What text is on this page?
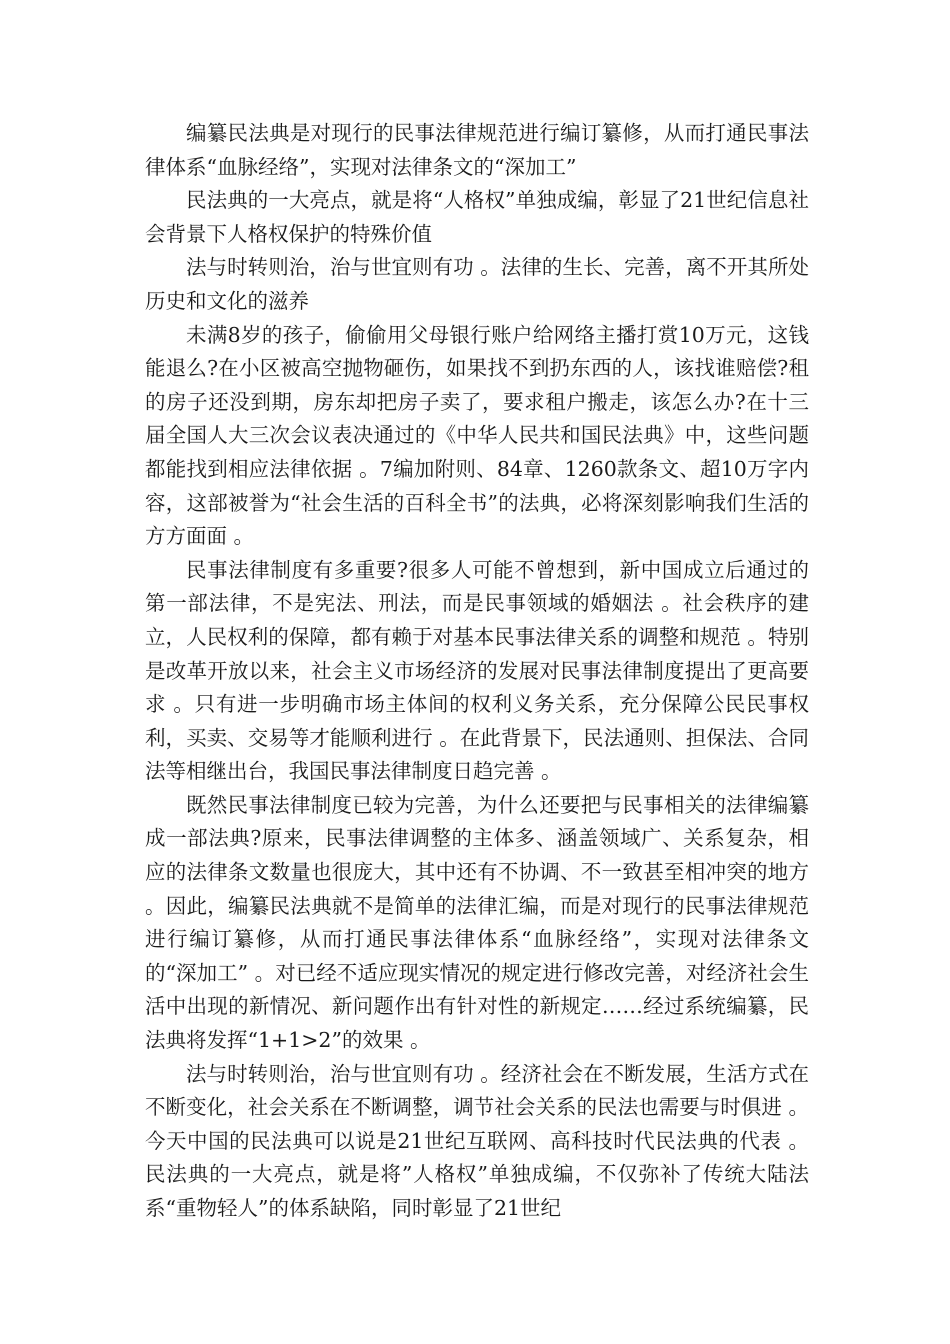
编纂民法典是对现行的民事法律规范进行编订纂修，从而打通民事法律体系“血脉经络”，实现对法律条文的“深加工”

民法典的一大亮点，就是将“人格权”单独成编，彰显了21世纪信息社会背景下人格权保护的特殊价值

法与时转则治，治与世宜则有功 。法律的生长、完善，离不开其所处历史和文化的滋养

未满8岁的孩子，偷偷用父母银行账户给网络主播打赏10万元，这钱能退么?在小区被高空抛物砸伤，如果找不到扔东西的人，该找谁赔偿?租的房子还没到期，房东却把房子卖了，要求租户搬走，该怎么办?在十三届全国人大三次会议表决通过的《中华人民共和国民法典》中，这些问题都能找到相应法律依据 。7编加附则、84章、1260款条文、超10万字内容，这部被誉为“社会生活的百科全书”的法典，必将深刻影响我们生活的方方面面 。

民事法律制度有多重要?很多人可能不曾想到，新中国成立后通过的第一部法律，不是宪法、刑法，而是民事领域的婚姻法 。社会秩序的建立，人民权利的保障，都有赖于对基本民事法律关系的调整和规范 。特别是改革开放以来，社会主义市场经济的发展对民事法律制度提出了更高要求 。只有进一步明确市场主体间的权利义务关系，充分保障公民民事权利，买卖、交易等才能顺利进行 。在此背景下，民法通则、担保法、合同法等相继出台，我国民事法律制度日趋完善 。

既然民事法律制度已较为完善，为什么还要把与民事相关的法律编纂成一部法典?原来，民事法律调整的主体多、涵盖领域广、关系复杂，相应的法律条文数量也很庞大，其中还有不协调、不一致甚至相冲突的地方 。因此，编纂民法典就不是简单的法律汇编，而是对现行的民事法律规范进行编订纂修，从而打通民事法律体系“血脉经络”，实现对法律条文的“深加工” 。对已经不适应现实情况的规定进行修改完善，对经济社会生活中出现的新情况、新问题作出有针对性的新规定……经过系统编纂，民法典将发挥“1+1>2”的效果 。

法与时转则治，治与世宜则有功 。经济社会在不断发展，生活方式在不断变化，社会关系在不断调整，调节社会关系的民法也需要与时俱进 。今天中国的民法典可以说是21世纪互联网、高科技时代民法典的代表 。民法典的一大亮点，就是将”人格权”单独成编，不仅弥补了传统大陆法系“重物轻人”的体系缺陷，同时彰显了21世纪
